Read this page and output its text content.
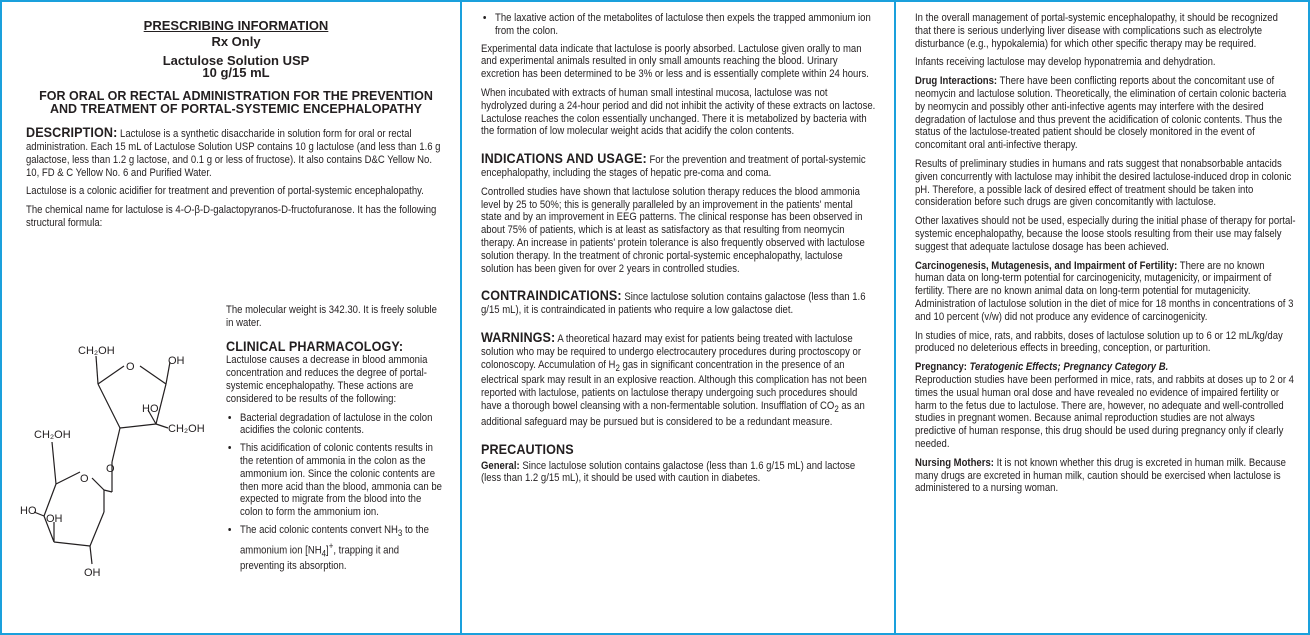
PRESCRIBING INFORMATION

Rx Only

Lactulose Solution USP

10 g/15 mL

FOR ORAL OR RECTAL ADMINISTRATION FOR THE PREVENTION AND TREATMENT OF PORTAL-SYSTEMIC ENCEPHALOPATHY

DESCRIPTION: Lactulose is a synthetic disaccharide in solution form for oral or rectal administration. Each 15 mL of Lactulose Solution USP contains 10 g lactulose (and less than 1.6 g galactose, less than 1.2 g lactose, and 0.1 g or less of fructose). It also contains D&C Yellow No. 10, FD & C Yellow No. 6 and Purified Water.

Lactulose is a colonic acidifier for treatment and prevention of portal-systemic encephalopathy.

The chemical name for lactulose is 4-O-β-D-galactopyranos-D-fructofuranose. It has the following structural formula:

CH₂OH
OH
O
HO
CH₂OH
CH₂OH
O
O
HO
OH
OH

The molecular weight is 342.30. It is freely soluble in water.

CLINICAL PHARMACOLOGY:

Lactulose causes a decrease in blood ammonia concentration and reduces the degree of portal-systemic encephalopathy. These actions are considered to be results of the following:

• Bacterial degradation of lactulose in the colon acidifies the colonic contents.
• This acidification of colonic contents results in the retention of ammonia in the colon as the ammonium ion. Since the colonic contents are then more acid than the blood, ammonia can be expected to migrate from the blood into the colon to form the ammonium ion.
• The acid colonic contents convert $NH_3$ to the ammonium ion $[NH_4]^+$, trapping it and preventing its absorption.
• The laxative action of the metabolites of lactulose then expels the trapped ammonium ion from the colon.

Experimental data indicate that lactulose is poorly absorbed. Lactulose given orally to man and experimental animals resulted in only small amounts reaching the blood. Urinary excretion has been determined to be 3% or less and is essentially complete within 24 hours.

When incubated with extracts of human small intestinal mucosa, lactulose was not hydrolyzed during a 24-hour period and did not inhibit the activity of these extracts on lactose. Lactulose reaches the colon essentially unchanged. There it is metabolized by bacteria with the formation of low molecular weight acids that acidify the colon contents.

INDICATIONS AND USAGE: For the prevention and treatment of portal-systemic encephalopathy, including the stages of hepatic pre-coma and coma.

Controlled studies have shown that lactulose solution therapy reduces the blood ammonia level by 25 to 50%; this is generally paralleled by an improvement in the patients' mental state and by an improvement in EEG patterns. The clinical response has been observed in about 75% of patients, which is at least as satisfactory as that resulting from neomycin therapy. An increase in patients' protein tolerance is also frequently observed with lactulose solution therapy. In the treatment of chronic portal-systemic encephalopathy, lactulose solution has been given for over 2 years in controlled studies.

CONTRAINDICATIONS: Since lactulose solution contains galactose (less than 1.6 g/15 mL), it is contraindicated in patients who require a low galactose diet.

WARNINGS: A theoretical hazard may exist for patients being treated with lactulose solution who may be required to undergo electrocautery procedures during proctoscopy or colonoscopy. Accumulation of $H_2$ gas in significant concentration in the presence of an electrical spark may result in an explosive reaction. Although this complication has not been reported with lactulose, patients on lactulose therapy undergoing such procedures should have a thorough bowel cleansing with a non-fermentable solution. Insufflation of $CO_2$ as an additional safeguard may be pursued but is considered to be a redundant measure.

PRECAUTIONS

General: Since lactulose solution contains galactose (less than 1.6 g/15 mL) and lactose (less than 1.2 g/15 mL), it should be used with caution in diabetes.

In the overall management of portal-systemic encephalopathy, it should be recognized that there is serious underlying liver disease with complications such as electrolyte disturbance (e.g., hypokalemia) for which other specific therapy may be required.

Infants receiving lactulose may develop hyponatremia and dehydration.

Drug Interactions: There have been conflicting reports about the concomitant use of neomycin and lactulose solution. Theoretically, the elimination of certain colonic bacteria by neomycin and possibly other anti-infective agents may interfere with the desired degradation of lactulose and thus prevent the acidification of colonic contents. Thus the status of the lactulose-treated patient should be closely monitored in the event of concomitant oral anti-infective therapy.

Results of preliminary studies in humans and rats suggest that nonabsorbable antacids given concurrently with lactulose may inhibit the desired lactulose-induced drop in colonic pH. Therefore, a possible lack of desired effect of treatment should be taken into consideration before such drugs are given concomitantly with lactulose.

Other laxatives should not be used, especially during the initial phase of therapy for portal-systemic encephalopathy, because the loose stools resulting from their use may falsely suggest that adequate lactulose dosage has been achieved.

Carcinogenesis, Mutagenesis, and Impairment of Fertility: There are no known human data on long-term potential for carcinogenicity, mutagenicity, or impairment of fertility. There are no known animal data on long-term potential for mutagenicity. Administration of lactulose solution in the diet of mice for 18 months in concentrations of 3 and 10 percent (v/w) did not produce any evidence of carcinogenicity.

In studies of mice, rats, and rabbits, doses of lactulose solution up to 6 or 12 mL/kg/day produced no deleterious effects in breeding, conception, or parturition.

Pregnancy: Teratogenic Effects; Pregnancy Category B.

Reproduction studies have been performed in mice, rats, and rabbits at doses up to 2 or 4 times the usual human oral dose and have revealed no evidence of impaired fertility or harm to the fetus due to lactulose. There are, however, no adequate and well-controlled studies in pregnant women. Because animal reproduction studies are not always predictive of human response, this drug should be used during pregnancy only if clearly needed.

Nursing Mothers: It is not known whether this drug is excreted in human milk. Because many drugs are excreted in human milk, caution should be exercised when lactulose is administered to a nursing woman.
